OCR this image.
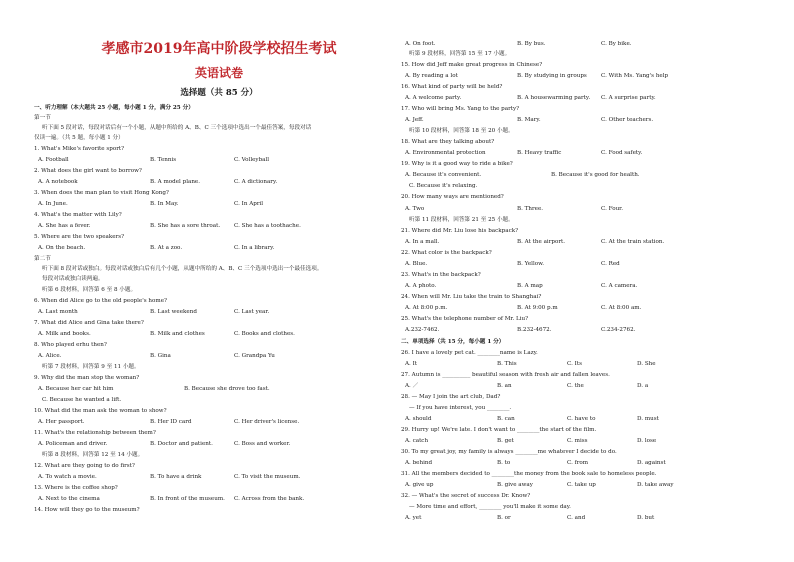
孝感市2019年高中阶段学校招生考试
英语试卷
选择题（共 85 分）
一、听力理解（本大题共 25 小题，每小题 1 分，满分 25 分）
第一节
听下面 5 段对话，每段对话后有一个小题，从题中所给的 A、B、C 三个选项中选出一个最佳答案，每段对话
仅读一遍。（共 5 题，每小题 1 分）
1. What's Mike's favorite sport?
A. Football	B. Tennis	C. Volleyball
2. What does the girl want to borrow?
A. A notebook	B. A model plane.	C. A dictionary.
3. When does the man plan to visit Hong Kong?
A. In June.	B. In May.	C. In April
4. What's the matter with Lily?
A. She has a fever.	B. She has a sore throat. C. She has a toothache.
5. Where are the two speakers?
A. On the beach.	B. At a zoo.	C. In a library.
第二节
听下面 8 段对话或独白。每段对话或独白后有几个小题，从题中所给的 A、B、C 三个选项中选出一个最佳选项。
每段对话或独白读两遍。
听第 6 段材料，回答第 6 至 8 小题。
6. When did Alice go to the old people's home?
A. Last month	B. Last weekend	C. Last year.
7. What did Alice and Gina take there?
A. Milk and books.	B. Milk and clothes	C. Books and clothes.
8. Who played erhu then?
A. Alice.	B. Gina	C. Grandpa Yu
听第 7 段材料，回答第 9 至 11 小题。
9. Why did the man stop the woman?
A. Because her car hit him	B. Because she drove too fast.
C. Because he wanted a lift.
10. What did the man ask the woman to show?
A. Her passport.	B. Her ID card	C. Her driver's license.
11. What's the relationship between them?
A. Policeman and driver.	B. Doctor and patient.	C. Boss and worker.
听第 8 段材料，回答第 12 至 14 小题。
12. What are they going to do first?
A. To watch a movie.	B. To have a drink	C. To visit the museum.
13. Where is the coffee shop?
A. Next to the cinema	B. In front of the museum. C. Across from the bank.
14. How will they go to the museum?
A. On foot.	B. By bus.	C. By bike.
听第 9 段材料，回答第 15 至 17 小题。
15. How did Jeff make great progress in Chinese?
A. By reading a lot	B. By studying in groups	C. With Ms. Yang's help
16. What kind of party will be held?
A. A welcome party.	B. A housewarming party. C. A surprise party.
17. Who will bring Ms. Yang to the party?
A. Jeff.	B. Mary.	C. Other teachers.
听第 10 段材料，回答第 18 至 20 小题。
18. What are they talking about?
A. Environmental protection	B. Heavy traffic	C. Food safety.
19. Why is it a good way to ride a bike?
A. Because it's convenient.	B. Because it's good for health.
C. Because it's relaxing.
20. How many ways are mentioned?
A. Two	B. Three.	C. Four.
听第 11 段材料，回答第 21 至 25 小题。
21. Where did Mr. Liu lose his backpack?
A. In a mall.	B. At the airport.	C. At the train station.
22. What color is the backpack?
A. Blue.	B. Yellow.	C. Red
23. What's in the backpack?
A. A photo.	B. A map	C. A camera.
24. When will Mr. Liu take the train to Shanghai?
A. At 8:00 p.m.	B. At 9:00 p.m	C. At 8:00 am.
25. What's the telephone number of Mr. Liu?
A.232-7462.	B.232-4672.	C.234-2762.
二、单项选择（共 15 分，每小题 1 分）
26. I have a lovely pet cat. ________name is Lazy.
A. It	B. This	C. Its	D. She
27. Autumn is __________ beautiful season with fresh air and fallen leaves.
A. ／	B. an	C. the	D. a
28. — May I join the art club, Dad?
— If you have interest, you ________.
A. should	B. can	C. have to	D. must
29. Hurry up! We're late. I don't want to ________the start of the film.
A. catch	B. get	C. miss	D. lose
30. To my great joy, my family is always ________me whatever I decide to do.
A. behind	B. to	C. from	D. against
31. All the members decided to ________the money from the book sale to homeless people.
A. give up	B. give away	C. take up	D. take away
32. — What's the secret of success Dr. Know?
— More time and effort, ________ you'll make it some day.
A. yet	B. or	C. and	D. but
